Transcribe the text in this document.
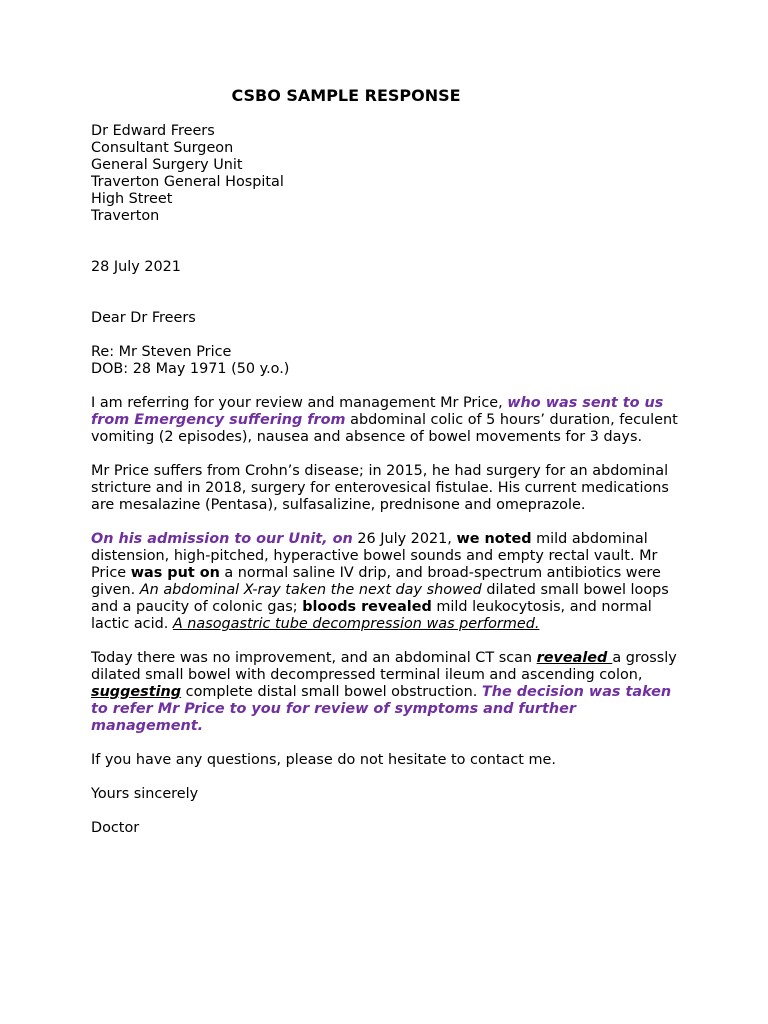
CSBO SAMPLE RESPONSE
Dr Edward Freers
Consultant Surgeon
General Surgery Unit
Traverton General Hospital
High Street
Traverton

28 July 2021

Dear Dr Freers

Re: Mr Steven Price

DOB: 28 May 1971 (50 y.o.)

I am referring for your review and management Mr Price, who was sent to us from Emergency suffering from abdominal colic of 5 hours’ duration, feculent vomiting (2 episodes), nausea and absence of bowel movements for 3 days.

Mr Price suffers from Crohn’s disease; in 2015, he had surgery for an abdominal stricture and in 2018, surgery for enterovesical fistulae. His current medications are mesalazine (Pentasa), sulfasalizine, prednisone and omeprazole.

On his admission to our Unit, on 26 July 2021, we noted mild abdominal distension, high-pitched, hyperactive bowel sounds and empty rectal vault. Mr Price was put on a normal saline IV drip, and broad-spectrum antibiotics were given. An abdominal X-ray taken the next day showed dilated small bowel loops and a paucity of colonic gas; bloods revealed mild leukocytosis, and normal lactic acid. A nasogastric tube decompression was performed.

Today there was no improvement, and an abdominal CT scan revealed a grossly dilated small bowel with decompressed terminal ileum and ascending colon, suggesting complete distal small bowel obstruction. The decision was taken to refer Mr Price to you for review of symptoms and further management.

If you have any questions, please do not hesitate to contact me.

Yours sincerely

Doctor
